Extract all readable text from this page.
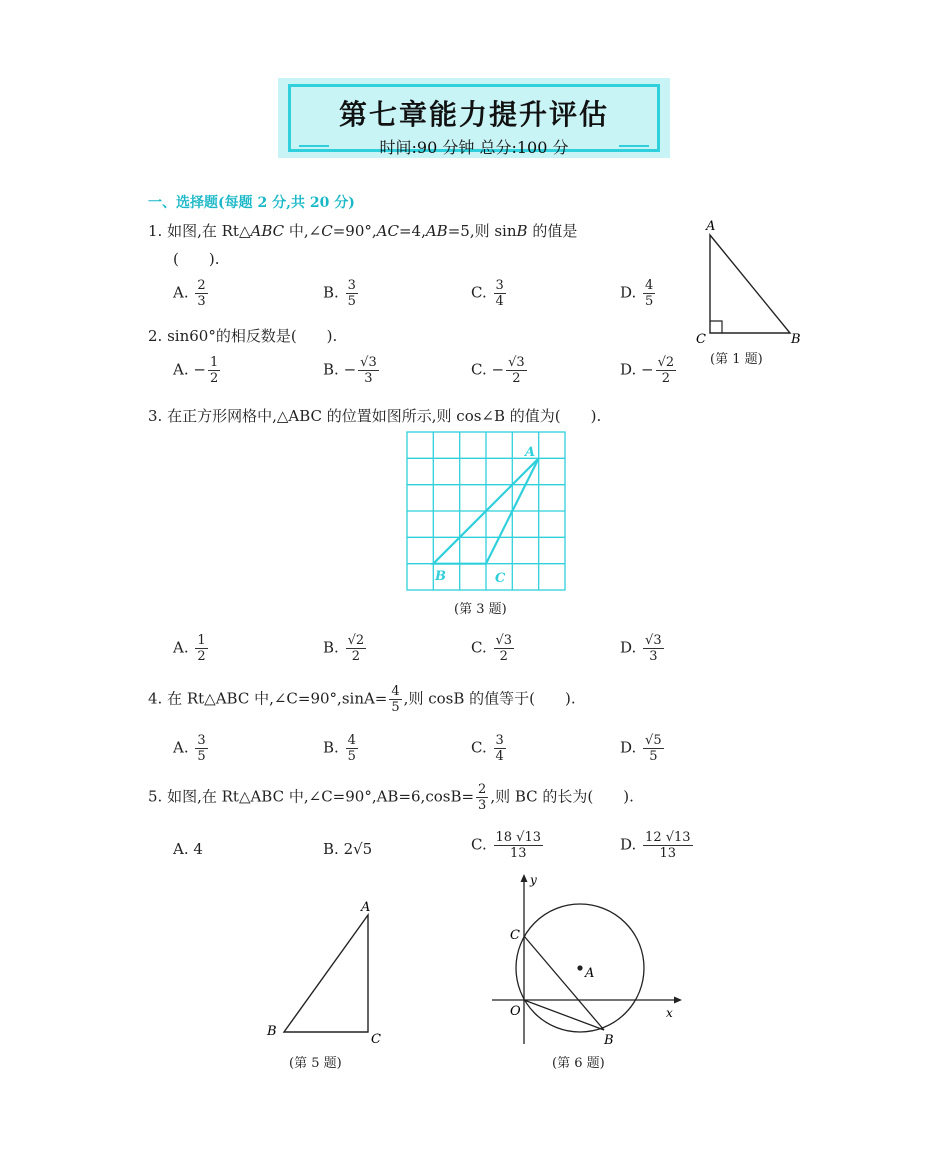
第七章能力提升评估
时间:90 分钟 总分:100 分
一、选择题(每题 2 分,共 20 分)
1. 如图,在 Rt△ABC 中,∠C=90°,AC=4,AB=5,则 sinB 的值是
(　　).
A. $\frac{2}{3}$	B. $\frac{3}{5}$	C. $\frac{3}{4}$	D. $\frac{4}{5}$
A
C	B
(第 1 题)
2. sin60°的相反数是(　　).
A. − $\frac{1}{2}$	B. − $\frac{√3}{3}$	C. − $\frac{√3}{2}$	D. − $\frac{√2}{2}$
3. 在正方形网格中,△ABC 的位置如图所示,则 cos∠B 的值为(　　).
A
B	C
(第 3 题)
A. $\frac{1}{2}$	B. $\frac{√2}{2}$	C. $\frac{√3}{2}$	D. $\frac{√3}{3}$
4. 在 Rt△ABC 中,∠C=90°,sinA= $\frac{4}{5}$ ,则 cosB 的值等于(　　).
A. $\frac{3}{5}$	B. $\frac{4}{5}$	C. $\frac{3}{4}$	D. $\frac{√5}{5}$
5. 如图,在 Rt△ABC 中,∠C=90°,AB=6,cosB= $\frac{2}{3}$ ,则 BC 的长为(　　).
A. 4	B. 2√5	C. $\frac{18 √13}{13}$	D. $\frac{12 √13}{13}$
A
B
C
(第 5 题)
y
x
O
C
A
B
(第 6 题)
